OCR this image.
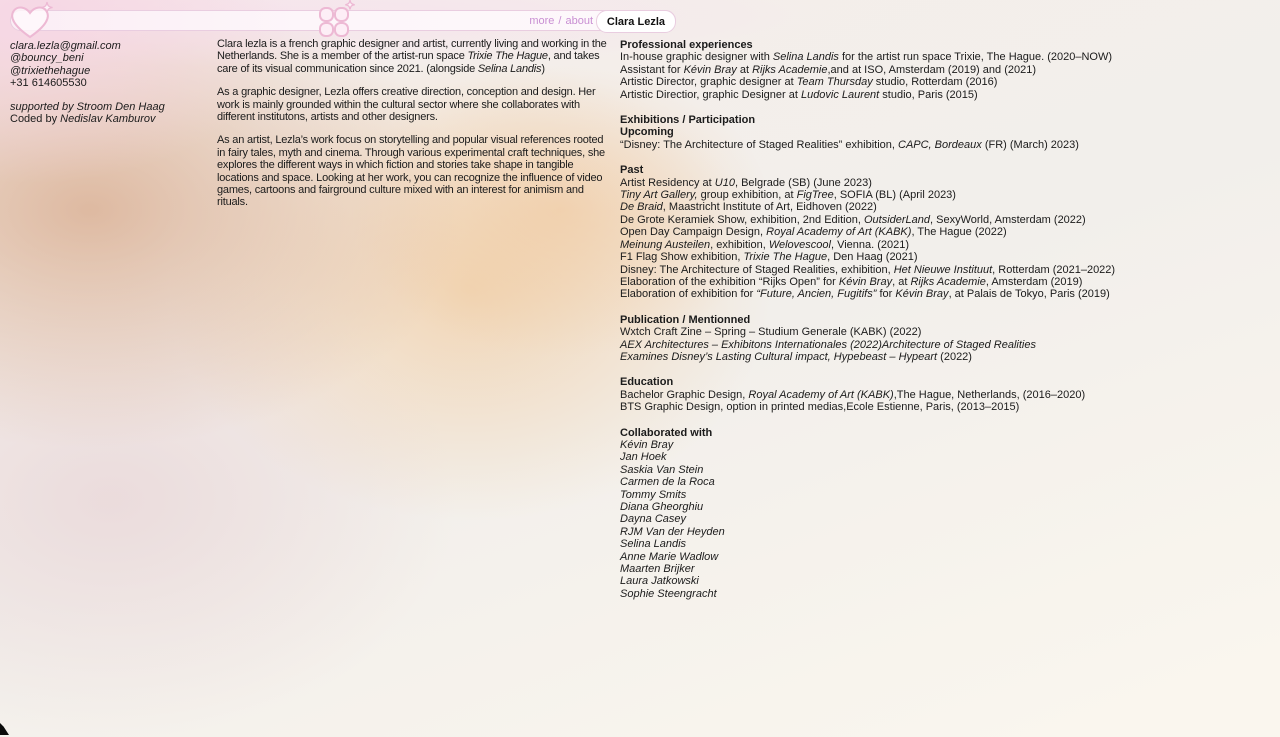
more / about	Clara Lezla

clara.lezla@gmail.com

@bouncy_beni

@trixiethehague

+31 614605530

supported by Stroom Den Haag

Coded by Nedislav Kamburov

Clara lezla is a french graphic designer and artist, currently living and working in the Netherlands. She is a member of the artist-run space Trixie The Hague, and takes care of its visual communication since 2021. (alongside Selina Landis)

As a graphic designer, Lezla offers creative direction, conception and design. Her work is mainly grounded within the cultural sector where she collaborates with different institutons, artists and other designers.

As an artist, Lezla’s work focus on storytelling and popular visual references rooted in fairy tales, myth and cinema. Through various experimental craft techniques, she explores the different ways in which fiction and stories take shape in tangible locations and space. Looking at her work, you can recognize the influence of video games, cartoons and fairground culture mixed with an interest for animism and rituals.

Professional experiences

In-house graphic designer with Selina Landis for the artist run space Trixie, The Hague. (2020–NOW)

Assistant for Kévin Bray at Rijks Academie,and at ISO, Amsterdam (2019) and (2021)

Artistic Director, graphic designer at Team Thursday studio, Rotterdam (2016)

Artistic Directior, graphic Designer at Ludovic Laurent studio, Paris (2015)

Exhibitions / Participation

Upcoming

“Disney: The Architecture of Staged Realities” exhibition, CAPC, Bordeaux (FR) (March) 2023)

Past

Artist Residency at U10, Belgrade (SB) (June 2023)

Tiny Art Gallery, group exhibition, at FigTree, SOFIA (BL) (April 2023)

De Braid, Maastricht Institute of Art, Eidhoven (2022)

De Grote Keramiek Show, exhibition, 2nd Edition, OutsiderLand, SexyWorld, Amsterdam (2022)

Open Day Campaign Design, Royal Academy of Art (KABK), The Hague (2022)

Meinung Austeilen, exhibition, Welovescool, Vienna. (2021)

F1 Flag Show exhibition, Trixie The Hague, Den Haag (2021)

Disney: The Architecture of Staged Realities, exhibition, Het Nieuwe Instituut, Rotterdam (2021–2022)

Elaboration of the exhibition “Rijks Open” for Kévin Bray, at Rijks Academie, Amsterdam (2019)

Elaboration of exhibition for “Future, Ancien, Fugitifs” for Kévin Bray, at Palais de Tokyo, Paris (2019)

Publication / Mentionned

Wxtch Craft Zine – Spring – Studium Generale (KABK) (2022)

AEX Architectures – Exhibitons Internationales (2022)Architecture of Staged Realities

Examines Disney’s Lasting Cultural impact, Hypebeast – Hypeart (2022)

Education

Bachelor Graphic Design, Royal Academy of Art (KABK),The Hague, Netherlands, (2016–2020)

BTS Graphic Design, option in printed medias,Ecole Estienne, Paris, (2013–2015)

Collaborated with

Kévin Bray

Jan Hoek

Saskia Van Stein

Carmen de la Roca

Tommy Smits

Diana Gheorghiu

Dayna Casey

RJM Van der Heyden

Selina Landis

Anne Marie Wadlow

Maarten Brijker

Laura Jatkowski

Sophie Steengracht
